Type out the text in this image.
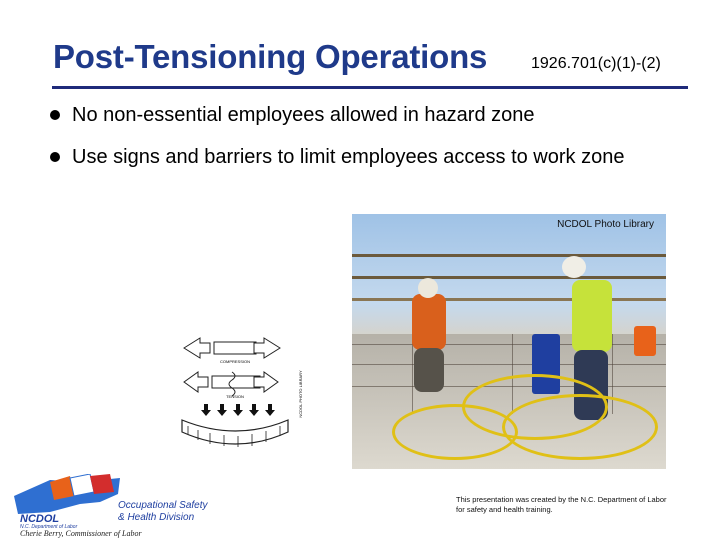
Post-Tensioning Operations	1926.701(c)(1)-(2)
No non-essential employees allowed in hazard zone
Use signs and barriers to limit employees access to work zone
NCDOL Photo Library
COMPRESSION
TENSION	NCDOL PHOTO LIBRARY
Occupational Safety
& Health Division
NCDOL
N.C. Department of Labor
Cherie Berry, Commissioner of Labor
This presentation was created by the N.C. Department of Labor for safety and health training.
